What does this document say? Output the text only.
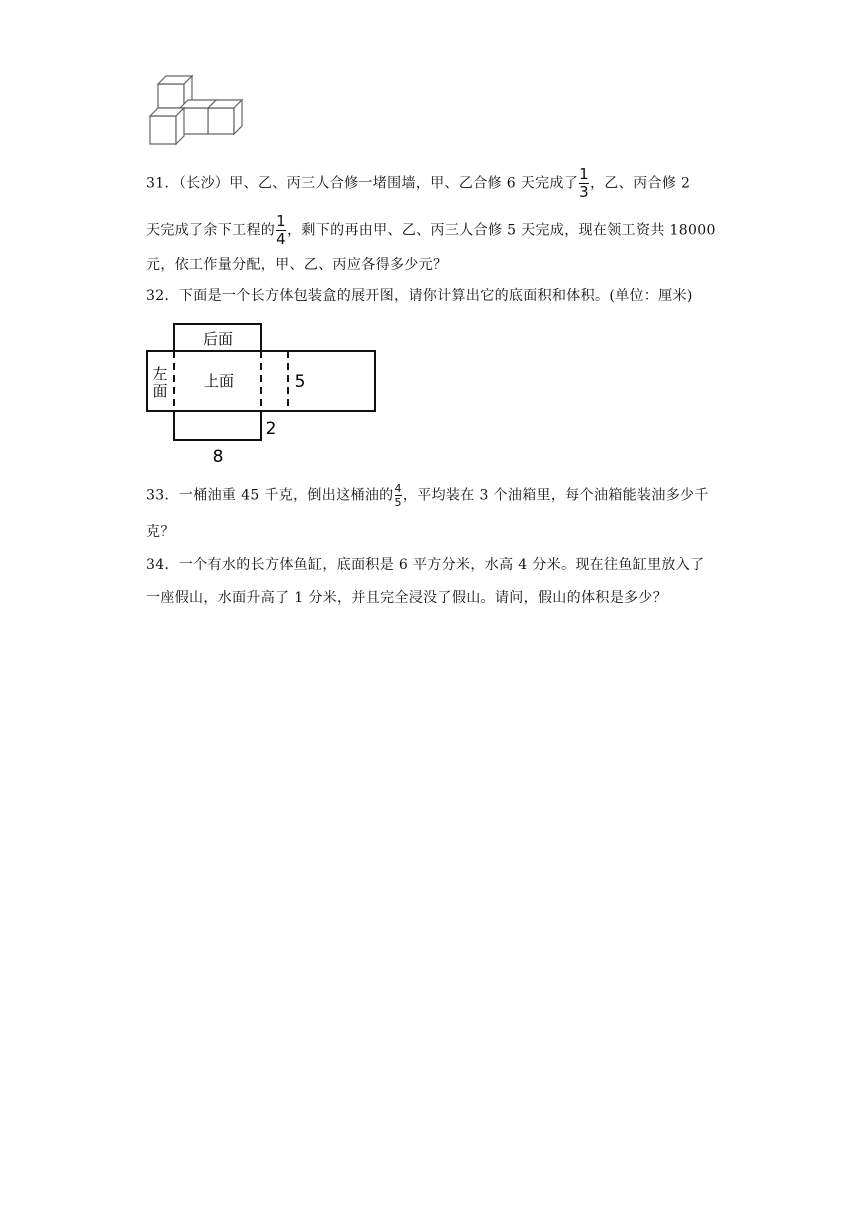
31．（长沙）甲、乙、丙三人合修一堵围墙，甲、乙合修 6 天完成了 $\frac{1}{3}$ ，乙、丙合修 2
天完成了余下工程的 $\frac{1}{4}$ ，剩下的再由甲、乙、丙三人合修 5 天完成，现在领工资共 18000
元，依工作量分配，甲、乙、丙应各得多少元？
32．下面是一个长方体包装盒的展开图，请你计算出它的底面积和体积。(单位：厘米)
后面
上面
左
面	5
2
8
33．一桶油重 45 千克，倒出这桶油的 $\frac{4}{5}$ ，平均装在 3 个油箱里，每个油箱能装油多少千
克？
34．一个有水的长方体鱼缸，底面积是 6 平方分米，水高 4 分米。现在往鱼缸里放入了
一座假山，水面升高了 1 分米，并且完全浸没了假山。请问，假山的体积是多少？
